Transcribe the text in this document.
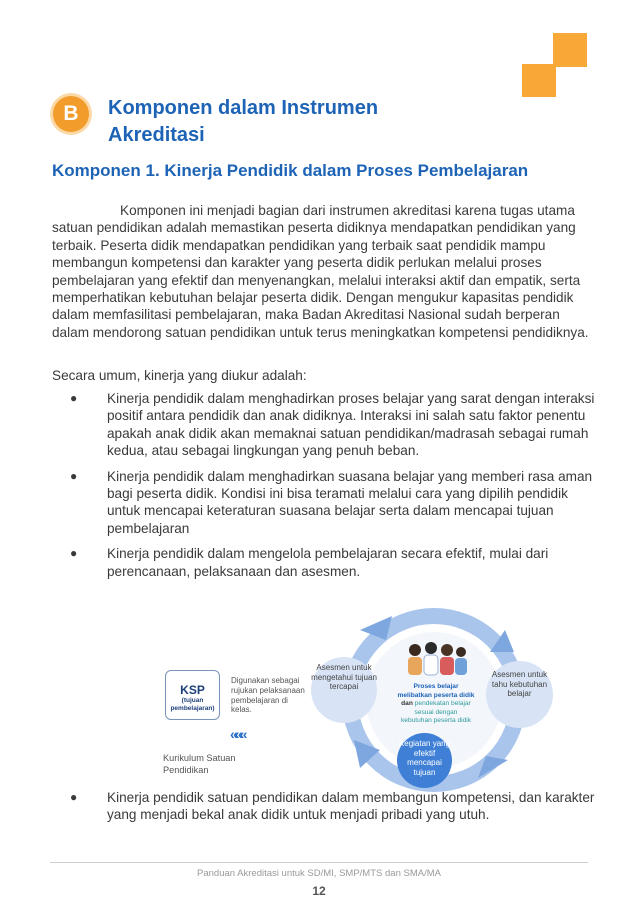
B	Komponen dalam Instrumen Akreditasi
Komponen 1. Kinerja Pendidik dalam Proses Pembelajaran

Komponen ini menjadi bagian dari instrumen akreditasi karena tugas utama satuan pendidikan adalah memastikan peserta didiknya mendapatkan pendidikan yang terbaik. Peserta didik mendapatkan pendidikan yang terbaik saat pendidik mampu membangun kompetensi dan karakter yang peserta didik perlukan melalui proses pembelajaran yang efektif dan menyenangkan, melalui interaksi aktif dan empatik, serta memperhatikan kebutuhan belajar peserta didik. Dengan mengukur kapasitas pendidik dalam memfasilitasi pembelajaran, maka Badan Akreditasi Nasional sudah berperan dalam mendorong satuan pendidikan untuk terus meningkatkan kompetensi pendidiknya.

Secara umum, kinerja yang diukur adalah:

● Kinerja pendidik dalam menghadirkan proses belajar yang sarat dengan interaksi positif antara pendidik dan anak didiknya. Interaksi ini salah satu faktor penentu apakah anak didik akan memaknai satuan pendidikan/madrasah sebagai rumah kedua, atau sebagai lingkungan yang penuh beban.
● Kinerja pendidik dalam menghadirkan suasana belajar yang memberi rasa aman bagi peserta didik. Kondisi ini bisa teramati melalui cara yang dipilih pendidik untuk mencapai keteraturan suasana belajar serta dalam mencapai tujuan pembelajaran
● Kinerja pendidik dalam mengelola pembelajaran secara efektif, mulai dari perencanaan, pelaksanaan dan asesmen.
KSP
(tujuan pembelajaran)
Digunakan sebagai rujukan pelaksanaan pembelajaran di kelas.
«««
Kurikulum Satuan Pendidikan
Asesmen untuk mengetahui tujuan tercapai
Asesmen untuk tahu kebutuhan belajar
Kegiatan yang efektif mencapai tujuan
Proses belajar
melibatkan peserta didik
dan pendekatan belajar
sesuai dengan
kebutuhan peserta didik

● Kinerja pendidik satuan pendidikan dalam membangun kompetensi, dan karakter yang menjadi bekal anak didik untuk menjadi pribadi yang utuh.

Panduan Akreditasi untuk SD/MI, SMP/MTS dan SMA/MA
12
